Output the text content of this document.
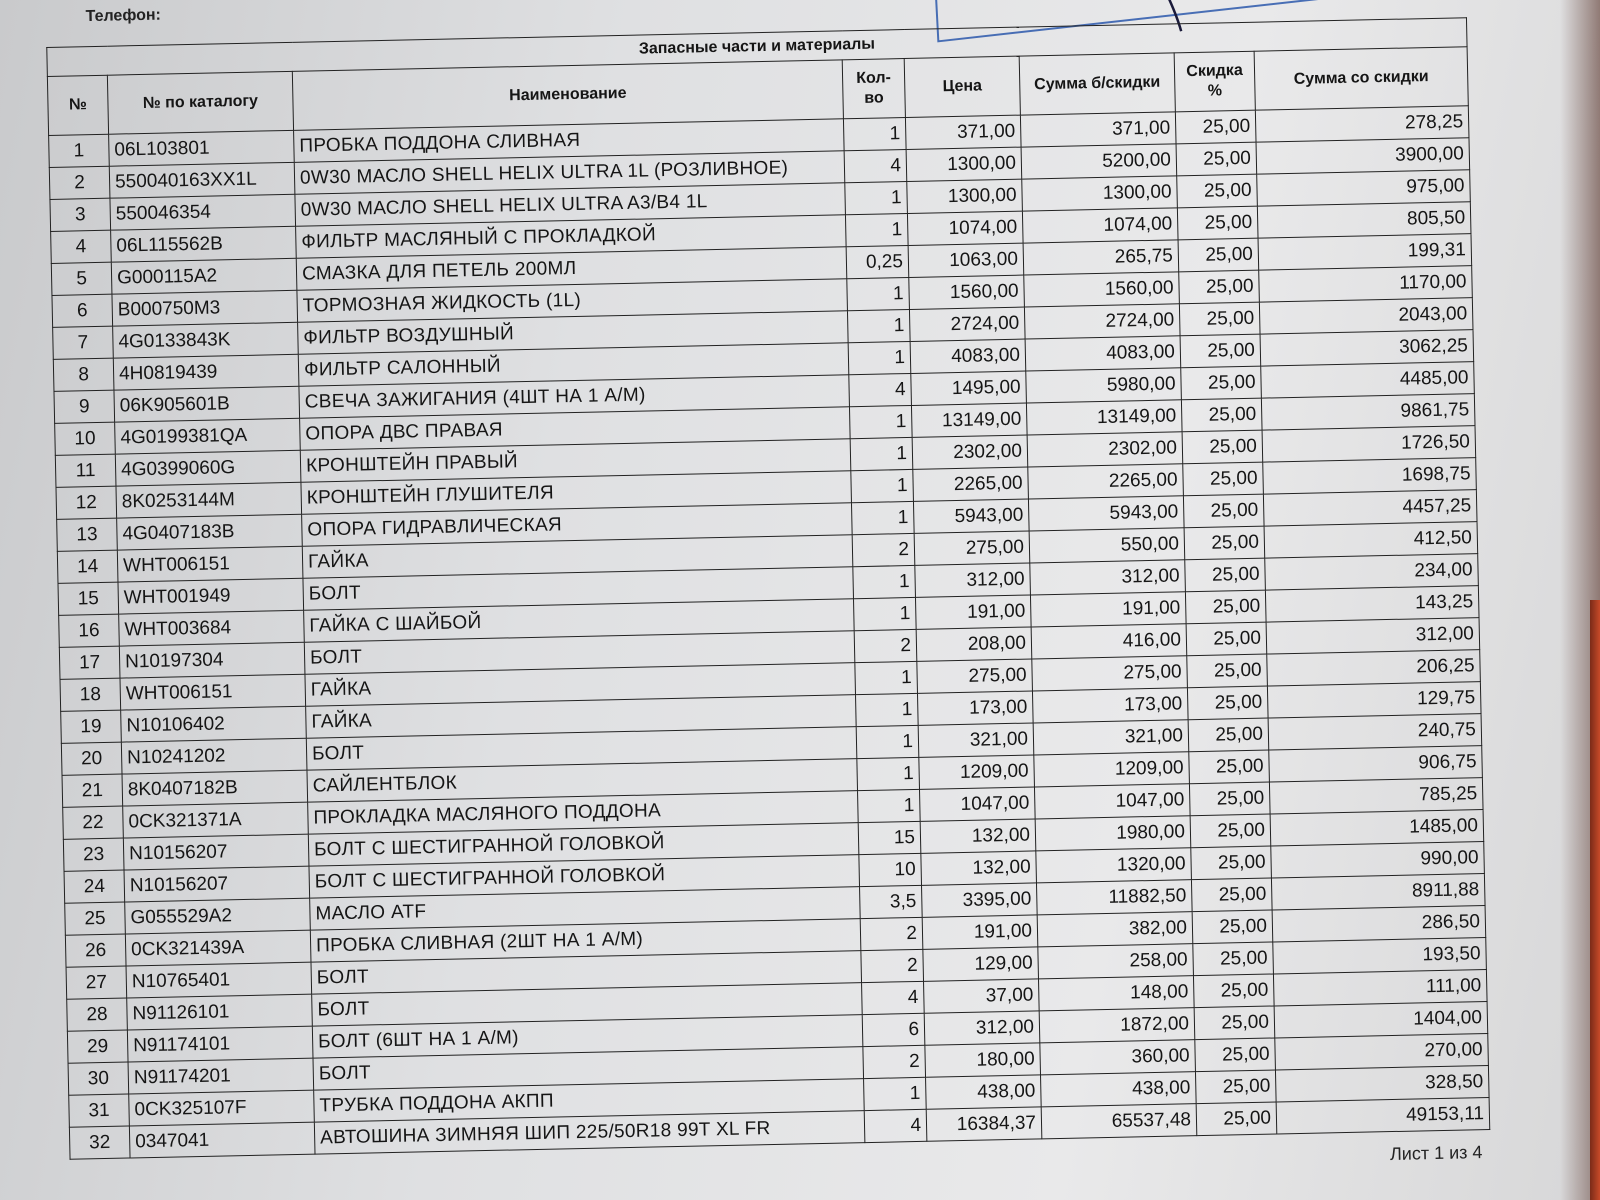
Телефон:
Запасные части и материалы							
№	№ по каталогу	Наименование	Кол-во	Цена	Сумма б/скидки	Скидка %	Сумма со скидки
1	06L103801	ПРОБКА ПОДДОНА СЛИВНАЯ	1	371,00	371,00	25,00	278,25
2	550040163XX1L	0W30 МАСЛО SHELL HELIX ULTRA 1L (РОЗЛИВНОЕ)	4	1300,00	5200,00	25,00	3900,00
3	550046354	0W30 МАСЛО SHELL HELIX ULTRA A3/B4 1L	1	1300,00	1300,00	25,00	975,00
4	06L115562B	ФИЛЬТР МАСЛЯНЫЙ С ПРОКЛАДКОЙ	1	1074,00	1074,00	25,00	805,50
5	G000115A2	СМАЗКА ДЛЯ ПЕТЕЛЬ 200МЛ	0,25	1063,00	265,75	25,00	199,31
6	B000750M3	ТОРМОЗНАЯ ЖИДКОСТЬ (1L)	1	1560,00	1560,00	25,00	1170,00
7	4G0133843K	ФИЛЬТР ВОЗДУШНЫЙ	1	2724,00	2724,00	25,00	2043,00
8	4H0819439	ФИЛЬТР САЛОННЫЙ	1	4083,00	4083,00	25,00	3062,25
9	06K905601B	СВЕЧА ЗАЖИГАНИЯ (4ШТ НА 1 А/М)	4	1495,00	5980,00	25,00	4485,00
10	4G0199381QA	ОПОРА ДВС ПРАВАЯ	1	13149,00	13149,00	25,00	9861,75
11	4G0399060G	КРОНШТЕЙН ПРАВЫЙ	1	2302,00	2302,00	25,00	1726,50
12	8K0253144M	КРОНШТЕЙН ГЛУШИТЕЛЯ	1	2265,00	2265,00	25,00	1698,75
13	4G0407183B	ОПОРА ГИДРАВЛИЧЕСКАЯ	1	5943,00	5943,00	25,00	4457,25
14	WHT006151	ГАЙКА	2	275,00	550,00	25,00	412,50
15	WHT001949	БОЛТ	1	312,00	312,00	25,00	234,00
16	WHT003684	ГАЙКА С ШАЙБОЙ	1	191,00	191,00	25,00	143,25
17	N10197304	БОЛТ	2	208,00	416,00	25,00	312,00
18	WHT006151	ГАЙКА	1	275,00	275,00	25,00	206,25
19	N10106402	ГАЙКА	1	173,00	173,00	25,00	129,75
20	N10241202	БОЛТ	1	321,00	321,00	25,00	240,75
21	8K0407182B	САЙЛЕНТБЛОК	1	1209,00	1209,00	25,00	906,75
22	0CK321371A	ПРОКЛАДКА МАСЛЯНОГО ПОДДОНА	1	1047,00	1047,00	25,00	785,25
23	N10156207	БОЛТ С ШЕСТИГРАННОЙ ГОЛОВКОЙ	15	132,00	1980,00	25,00	1485,00
24	N10156207	БОЛТ С ШЕСТИГРАННОЙ ГОЛОВКОЙ	10	132,00	1320,00	25,00	990,00
25	G055529A2	МАСЛО ATF	3,5	3395,00	11882,50	25,00	8911,88
26	0CK321439A	ПРОБКА СЛИВНАЯ (2ШТ НА 1 А/М)	2	191,00	382,00	25,00	286,50
27	N10765401	БОЛТ	2	129,00	258,00	25,00	193,50
28	N91126101	БОЛТ	4	37,00	148,00	25,00	111,00
29	N91174101	БОЛТ (6ШТ НА 1 А/М)	6	312,00	1872,00	25,00	1404,00
30	N91174201	БОЛТ	2	180,00	360,00	25,00	270,00
31	0CK325107F	ТРУБКА ПОДДОНА АКПП	1	438,00	438,00	25,00	328,50
32	0347041	АВТОШИНА ЗИМНЯЯ ШИП 225/50R18 99T XL FR	4	16384,37	65537,48	25,00	49153,11
Лист 1 из 4
